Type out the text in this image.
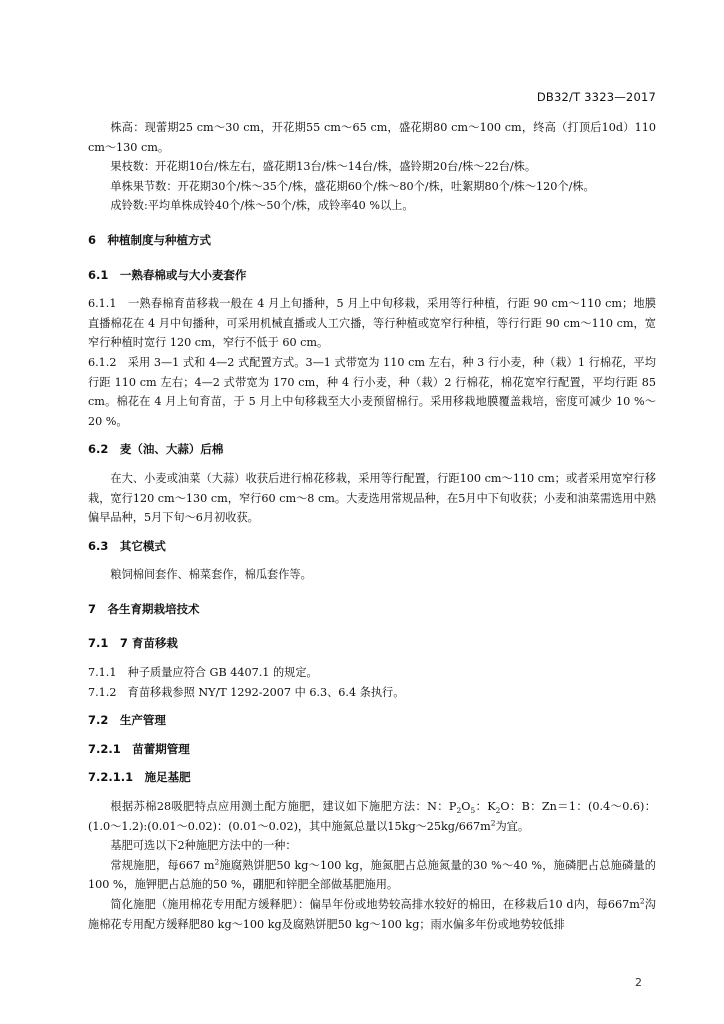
DB32/T 3323—2017

株高：现蕾期25 cm～30 cm，开花期55 cm～65 cm，盛花期80 cm～100 cm，终高（打顶后10d）110 cm～130 cm。

果枝数：开花期10台/株左右，盛花期13台/株～14台/株，盛铃期20台/株～22台/株。

单株果节数：开花期30个/株～35个/株，盛花期60个/株～80个/株，吐絮期80个/株～120个/株。

成铃数:平均单株成铃40个/株～50个/株，成铃率40 %以上。

6　种植制度与种植方式

6.1　一熟春棉或与大小麦套作

6.1.1　一熟春棉育苗移栽一般在 4 月上旬播种，5 月上中旬移栽，采用等行种植，行距 90 cm～110 cm；地膜直播棉花在 4 月中旬播种，可采用机械直播或人工穴播，等行种植或宽窄行种植，等行行距 90 cm～110 cm，宽窄行种植时宽行 120 cm，窄行不低于 60 cm。

6.1.2　采用 3—1 式和 4—2 式配置方式。3—1 式带宽为 110 cm 左右，种 3 行小麦，种（栽）1 行棉花，平均行距 110 cm 左右；4—2 式带宽为 170 cm，种 4 行小麦，种（栽）2 行棉花，棉花宽窄行配置，平均行距 85 cm。棉花在 4 月上旬育苗，于 5 月上中旬移栽至大小麦预留棉行。采用移栽地膜覆盖栽培，密度可减少 10 %～20 %。

6.2　麦（油、大蒜）后棉

在大、小麦或油菜（大蒜）收获后进行棉花移栽，采用等行配置，行距100 cm～110 cm；或者采用宽窄行移栽，宽行120 cm～130 cm，窄行60 cm～8 cm。大麦选用常规品种，在5月中下旬收获；小麦和油菜需选用中熟偏早品种，5月下旬～6月初收获。

6.3　其它模式

粮饲棉间套作、棉菜套作，棉瓜套作等。

7　各生育期栽培技术

7.1　7 育苗移栽

7.1.1　种子质量应符合 GB 4407.1 的规定。

7.1.2　育苗移栽参照 NY/T 1292-2007 中 6.3、6.4 条执行。

7.2　生产管理

7.2.1　苗蕾期管理

7.2.1.1　施足基肥

根据苏棉28吸肥特点应用测土配方施肥，建议如下施肥方法：N：$P_2O_5$：$K_2O$：B：Zn＝1：(0.4～0.6)：(1.0～1.2):(0.01～0.02)：(0.01～0.02)，其中施氮总量以$15kg\sim 25kg/667m^2$为宜。

基肥可选以下2种施肥方法中的一种：

常规施肥，每667 $m^2$施腐熟饼肥50 kg～100 kg，施氮肥占总施氮量的30 %～40 %，施磷肥占总施磷量的100 %，施钾肥占总施的50 %，硼肥和锌肥全部做基肥施用。

简化施肥（施用棉花专用配方缓释肥）：偏旱年份或地势较高排水较好的棉田，在移栽后10 d内，每$667m^2$沟施棉花专用配方缓释肥80 kg～100 kg及腐熟饼肥50 kg～100 kg；雨水偏多年份或地势较低排

2
